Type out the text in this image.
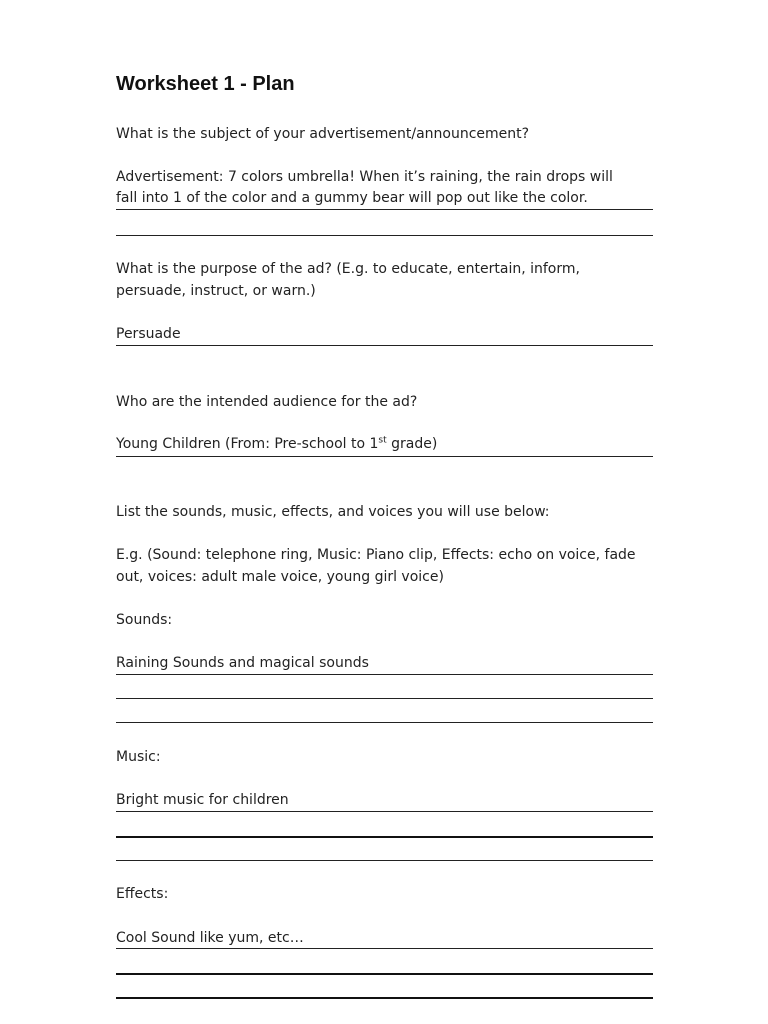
Worksheet 1 - Plan
What is the subject of your advertisement/announcement?
Advertisement: 7 colors umbrella! When it’s raining, the rain drops will
fall into 1 of the color and a gummy bear will pop out like the color.
What is the purpose of the ad? (E.g. to educate, entertain, inform,
persuade, instruct, or warn.)
Persuade
Who are the intended audience for the ad?
Young Children (From: Pre-school to 1st grade)
List the sounds, music, effects, and voices you will use below:
E.g. (Sound: telephone ring, Music: Piano clip, Effects: echo on voice, fade
out, voices: adult male voice, young girl voice)
Sounds:
Raining Sounds and magical sounds
Music:
Bright music for children
Effects:
Cool Sound like yum, etc…
